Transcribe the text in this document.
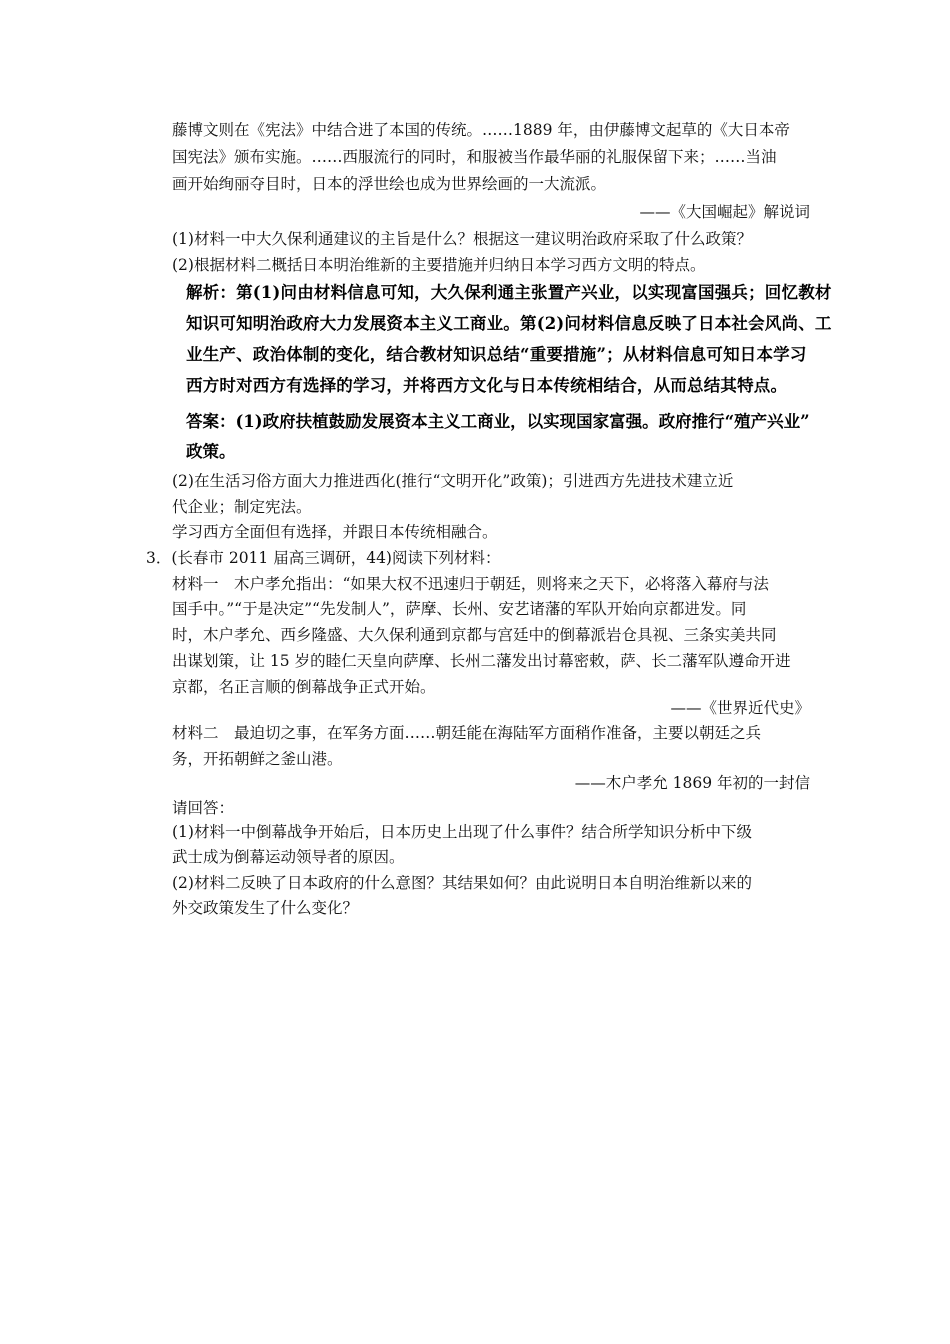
藤博文则在《宪法》中结合进了本国的传统。……1889 年，由伊藤博文起草的《大日本帝
国宪法》颁布实施。……西服流行的同时，和服被当作最华丽的礼服保留下来；……当油
画开始绚丽夺目时，日本的浮世绘也成为世界绘画的一大流派。
——《大国崛起》解说词
(1)材料一中大久保利通建议的主旨是什么？根据这一建议明治政府采取了什么政策？
(2)根据材料二概括日本明治维新的主要措施并归纳日本学习西方文明的特点。
解析：第(1)问由材料信息可知，大久保利通主张置产兴业，以实现富国强兵；回忆教材
知识可知明治政府大力发展资本主义工商业。第(2)问材料信息反映了日本社会风尚、工
业生产、政治体制的变化，结合教材知识总结“重要措施”；从材料信息可知日本学习
西方时对西方有选择的学习，并将西方文化与日本传统相结合，从而总结其特点。
答案：(1)政府扶植鼓励发展资本主义工商业，以实现国家富强。政府推行“殖产兴业”
政策。
(2)在生活习俗方面大力推进西化(推行“文明开化”政策)；引进西方先进技术建立近
代企业；制定宪法。
学习西方全面但有选择，并跟日本传统相融合。
3．(长春市 2011 届高三调研，44)阅读下列材料：
材料一　木户孝允指出：“如果大权不迅速归于朝廷，则将来之天下，必将落入幕府与法
国手中。”“于是决定”“先发制人”，萨摩、长州、安艺诸藩的军队开始向京都进发。同
时，木户孝允、西乡隆盛、大久保利通到京都与宫廷中的倒幕派岩仓具视、三条实美共同
出谋划策，让 15 岁的睦仁天皇向萨摩、长州二藩发出讨幕密敕，萨、长二藩军队遵命开进
京都，名正言顺的倒幕战争正式开始。
——《世界近代史》
材料二　最迫切之事，在军务方面……朝廷能在海陆军方面稍作准备，主要以朝廷之兵
务，开拓朝鲜之釜山港。
——木户孝允 1869 年初的一封信
请回答：
(1)材料一中倒幕战争开始后，日本历史上出现了什么事件？结合所学知识分析中下级
武士成为倒幕运动领导者的原因。
(2)材料二反映了日本政府的什么意图？其结果如何？由此说明日本自明治维新以来的
外交政策发生了什么变化？
